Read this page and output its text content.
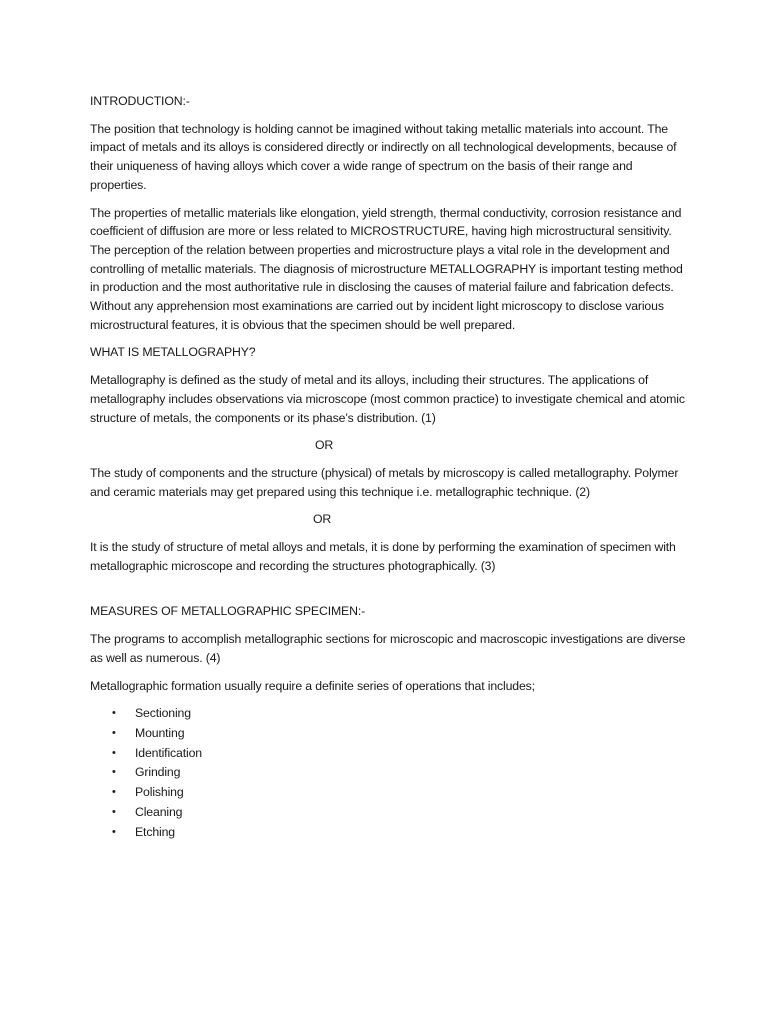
INTRODUCTION:-

The position that technology is holding cannot be imagined without taking metallic materials into account. The impact of metals and its alloys is considered directly or indirectly on all technological developments, because of their uniqueness of having alloys which cover a wide range of spectrum on the basis of their range and properties.

The properties of metallic materials like elongation, yield strength, thermal conductivity, corrosion resistance and coefficient of diffusion are more or less related to MICROSTRUCTURE, having high microstructural sensitivity. The perception of the relation between properties and microstructure plays a vital role in the development and controlling of metallic materials. The diagnosis of microstructure METALLOGRAPHY is important testing method in production and the most authoritative rule in disclosing the causes of material failure and fabrication defects. Without any apprehension most examinations are carried out by incident light microscopy to disclose various microstructural features, it is obvious that the specimen should be well prepared.

WHAT IS METALLOGRAPHY?

Metallography is defined as the study of metal and its alloys, including their structures. The applications of metallography includes observations via microscope (most common practice) to investigate chemical and atomic structure of metals, the components or its phase’s distribution. (1)

OR

The study of components and the structure (physical) of metals by microscopy is called metallography. Polymer and ceramic materials may get prepared using this technique i.e. metallographic technique. (2)

OR

It is the study of structure of metal alloys and metals, it is done by performing the examination of specimen with metallographic microscope and recording the structures photographically. (3)

MEASURES OF METALLOGRAPHIC SPECIMEN:-

The programs to accomplish metallographic sections for microscopic and macroscopic investigations are diverse as well as numerous. (4)

Metallographic formation usually require a definite series of operations that includes;

• Sectioning
• Mounting
• Identification
• Grinding
• Polishing
• Cleaning
• Etching
